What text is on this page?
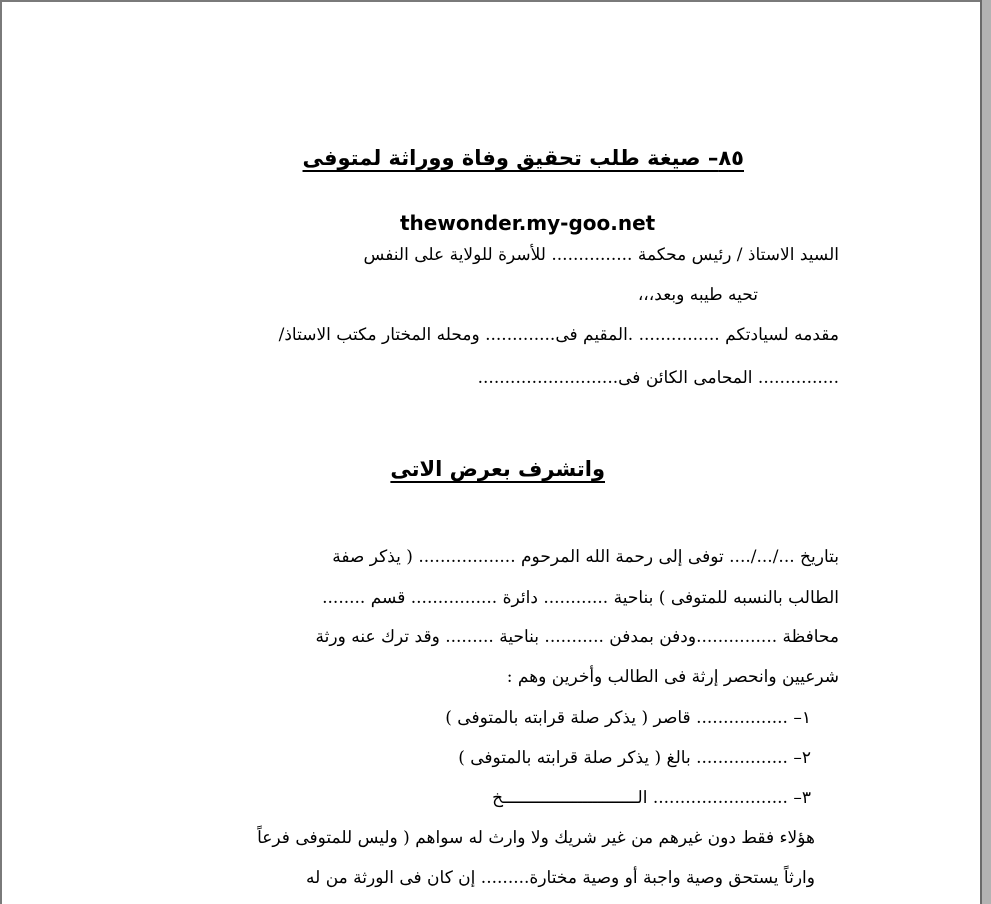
٨٥– صيغة طلب تحقيق وفاة ووراثة لمتوفى
thewonder.my-goo.net
السيد الاستاذ / رئيس محكمة ............... للأسرة للولاية على النفس
تحيه طيبه وبعد،،،
مقدمه لسيادتكم ............... .المقيم فى............. ومحله المختار مكتب الاستاذ/
............... المحامى الكائن فى..........................
واتشرف بعرض الاتى
بتاريخ .../.../.... توفى إلى رحمة الله المرحوم .................. ( يذكر صفة
الطالب بالنسبه للمتوفى ) بناحية ............ دائرة ................ قسم ........
محافظة ...............ودفن بمدفن ........... بناحية ......... وقد ترك عنه ورثة
شرعيين وانحصر إرثة فى الطالب وأخرين وهم :
١– ................. قاصر ( يذكر صلة قرابته بالمتوفى )
٢– ................. بالغ ( يذكر صلة قرابته بالمتوفى )
٣– ......................... الـــــــــــــــــــــــــــخ
هؤلاء فقط دون غيرهم من غير شريك ولا وارث له سواهم ( وليس للمتوفى فرعاً
وارثاً يستحق وصية واجبة أو وصية مختارة......... إن كان فى الورثة من له
